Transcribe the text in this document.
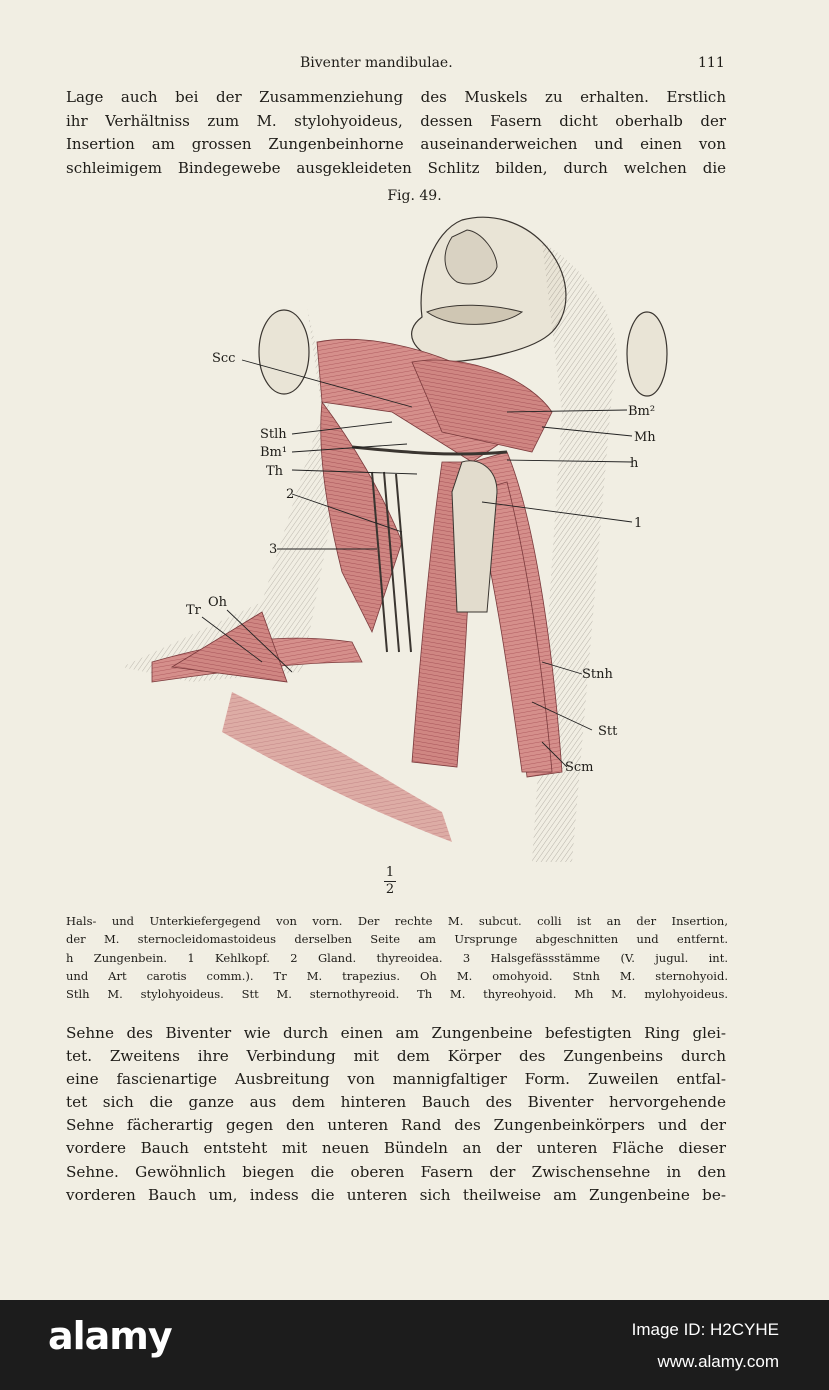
Biventer mandibulae.	111

Lage auch bei der Zusammenziehung des Muskels zu erhalten. Erstlich
ihr Verhältniss zum M. stylohyoideus, dessen Fasern dicht oberhalb der
Insertion am grossen Zungenbeinhorne auseinanderweichen und einen von
schleimigem Bindegewebe ausgekleideten Schlitz bilden, durch welchen die

Fig. 49.
Scc
Stlh
Bm¹
Th
2
3
Tr
Oh
Bm²
Mh
h
1
Stnh
Stt
Scm
1
2

Hals- und Unterkiefergegend von vorn. Der rechte M. subcut. colli ist an der Insertion,
der M. sternocleidomastoideus derselben Seite am Ursprunge abgeschnitten und entfernt.
h Zungenbein. 1 Kehlkopf. 2 Gland. thyreoidea. 3 Halsgefässstämme (V. jugul. int.
und Art carotis comm.). Tr M. trapezius. Oh M. omohyoid. Stnh M. sternohyoid.
Stlh M. stylohyoideus. Stt M. sternothyreoid. Th M. thyreohyoid. Mh M. mylohyoideus.

Sehne des Biventer wie durch einen am Zungenbeine befestigten Ring glei-
tet. Zweitens ihre Verbindung mit dem Körper des Zungenbeins durch
eine fascienartige Ausbreitung von mannigfaltiger Form. Zuweilen entfal-
tet sich die ganze aus dem hinteren Bauch des Biventer hervorgehende
Sehne fächerartig gegen den unteren Rand des Zungenbeinkörpers und der
vordere Bauch entsteht mit neuen Bündeln an der unteren Fläche dieser
Sehne. Gewöhnlich biegen die oberen Fasern der Zwischensehne in den
vorderen Bauch um, indess die unteren sich theilweise am Zungenbeine be-

alamy	Image ID: H2CYHE
www.alamy.com
